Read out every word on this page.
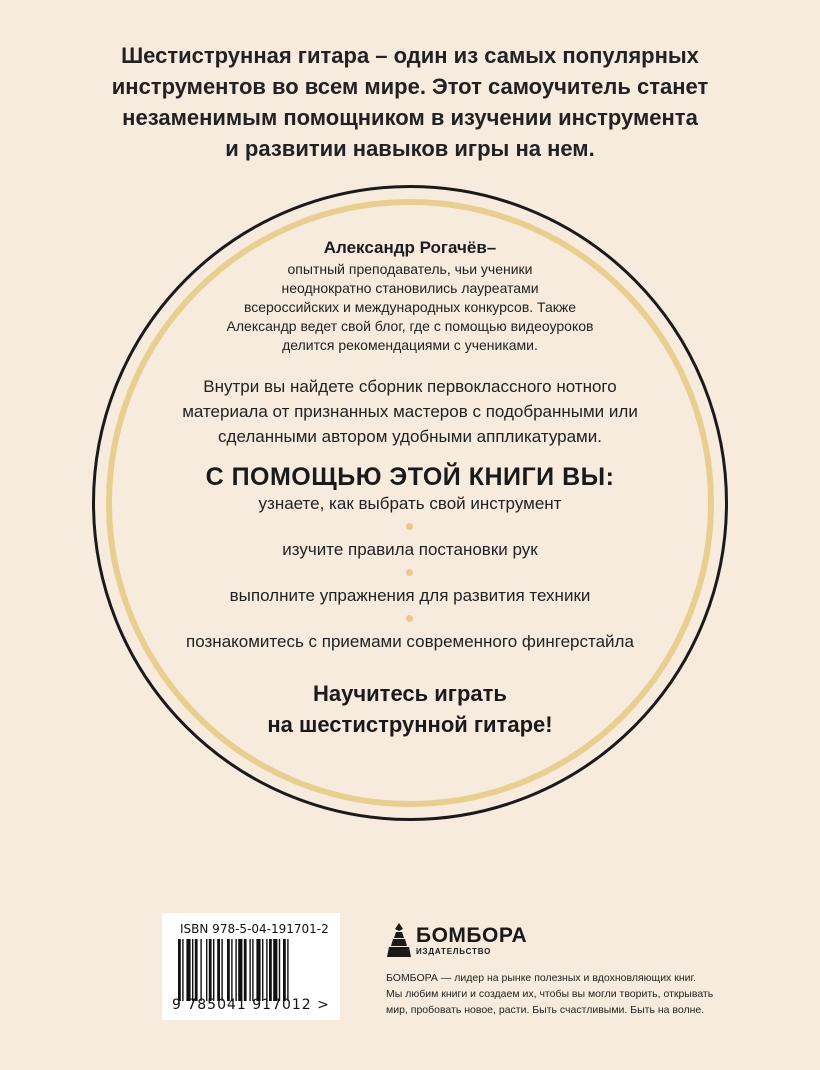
Шестиструнная гитара – один из самых популярных
инструментов во всем мире. Этот самоучитель станет
незаменимым помощником в изучении инструмента
и развитии навыков игры на нем.
Александр Рогачёв–
опытный преподаватель, чьи ученики
неоднократно становились лауреатами
всероссийских и международных конкурсов. Также
Александр ведет свой блог, где с помощью видеоуроков
делится рекомендациями с учениками.
Внутри вы найдете сборник первоклассного нотного
материала от признанных мастеров с подобранными или
сделанными автором удобными аппликатурами.
С ПОМОЩЬЮ ЭТОЙ КНИГИ ВЫ:
узнаете, как выбрать свой инструмент
изучите правила постановки рук
выполните упражнения для развития техники
познакомитесь с приемами современного фингерстайла
Научитесь играть
на шестиструнной гитаре!
ISBN 978-5-04-191701-2
9 785041 917012 >
БОМБОРА
ИЗДАТЕЛЬСТВО
БОМБОРА — лидер на рынке полезных и вдохновляющих книг.
Мы любим книги и создаем их, чтобы вы могли творить, открывать
мир, пробовать новое, расти. Быть счастливыми. Быть на волне.
